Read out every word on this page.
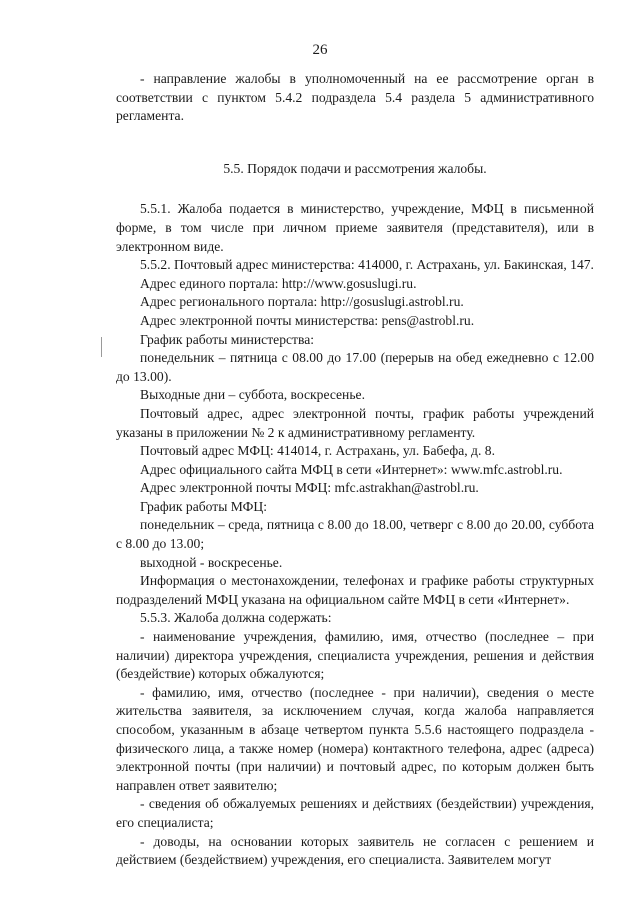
26

- направление жалобы в уполномоченный на ее рассмотрение орган в соответствии с пунктом 5.4.2 подраздела 5.4 раздела 5 административного регламента.

5.5. Порядок подачи и рассмотрения жалобы.

5.5.1. Жалоба подается в министерство, учреждение, МФЦ в письменной форме, в том числе при личном приеме заявителя (представителя), или в электронном виде.

5.5.2. Почтовый адрес министерства: 414000, г. Астрахань, ул. Бакинская, 147.

Адрес единого портала: http://www.gosuslugi.ru.

Адрес регионального портала: http://gosuslugi.astrobl.ru.

Адрес электронной почты министерства: pens@astrobl.ru.

График работы министерства:

понедельник – пятница с 08.00 до 17.00 (перерыв на обед ежедневно с 12.00 до 13.00).

Выходные дни – суббота, воскресенье.

Почтовый адрес, адрес электронной почты, график работы учреждений указаны в приложении № 2 к административному регламенту.

Почтовый адрес МФЦ: 414014, г. Астрахань, ул. Бабефа, д. 8.

Адрес официального сайта МФЦ в сети «Интернет»: www.mfc.astrobl.ru.

Адрес электронной почты МФЦ: mfc.astrakhan@astrobl.ru.

График работы МФЦ:

понедельник – среда, пятница с 8.00 до 18.00, четверг с 8.00 до 20.00, суббота с 8.00 до 13.00;

выходной - воскресенье.

Информация о местонахождении, телефонах и графике работы структурных подразделений МФЦ указана на официальном сайте МФЦ в сети «Интернет».

5.5.3. Жалоба должна содержать:

- наименование учреждения, фамилию, имя, отчество (последнее – при наличии) директора учреждения, специалиста учреждения, решения и действия (бездействие) которых обжалуются;

- фамилию, имя, отчество (последнее - при наличии), сведения о месте жительства заявителя, за исключением случая, когда жалоба направляется способом, указанным в абзаце четвертом пункта 5.5.6 настоящего подраздела - физического лица, а также номер (номера) контактного телефона, адрес (адреса) электронной почты (при наличии) и почтовый адрес, по которым должен быть направлен ответ заявителю;

- сведения об обжалуемых решениях и действиях (бездействии) учреждения, его специалиста;

- доводы, на основании которых заявитель не согласен с решением и действием (бездействием) учреждения, его специалиста. Заявителем могут
